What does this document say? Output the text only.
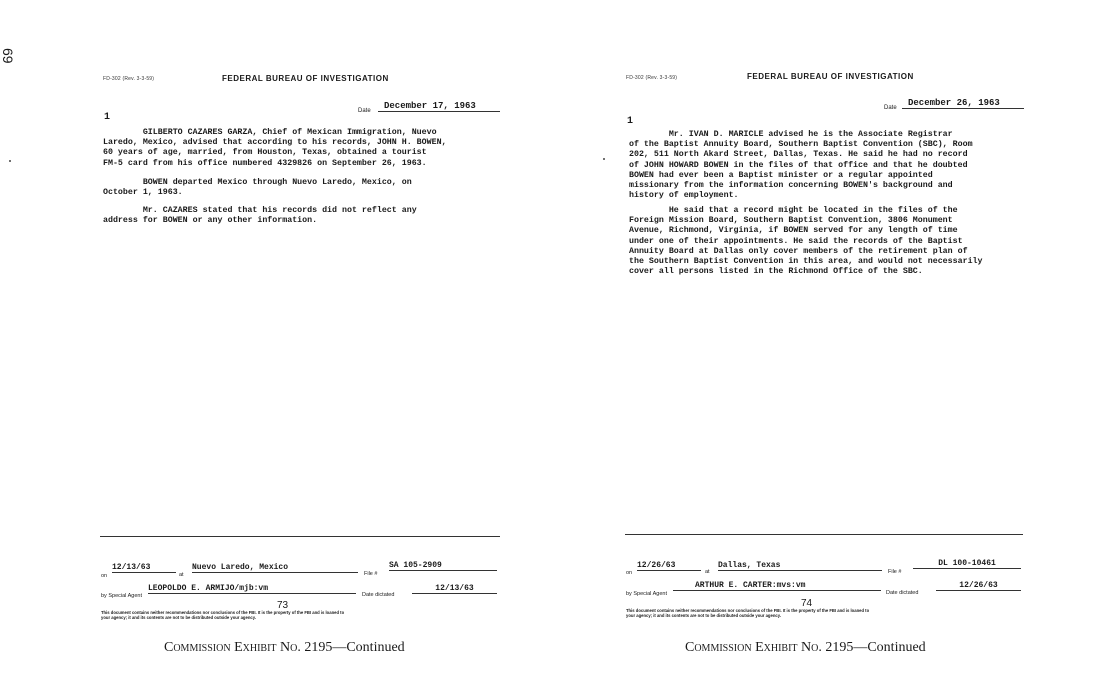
69
FD-302 (Rev. 3-3-59)	FEDERAL BUREAU OF INVESTIGATION
Date	December 17, 1963
1
GILBERTO CAZARES GARZA, Chief of Mexican Immigration, Nuevo
Laredo, Mexico, advised that according to his records, JOHN H. BOWEN,
60 years of age, married, from Houston, Texas, obtained a tourist
FM-5 card from his office numbered 4329826 on September 26, 1963.
BOWEN departed Mexico through Nuevo Laredo, Mexico, on
October 1, 1963.
Mr. CAZARES stated that his records did not reflect any
address for BOWEN or any other information.
on
12/13/63
at
Nuevo Laredo, Mexico
File #
SA 105-2909
by Special Agent
LEOPOLDO E. ARMIJO/mjb:vm
Date dictated
12/13/63
73
This document contains neither recommendations nor conclusions of the FBI. It is the property of the FBI and is loaned to
your agency; it and its contents are not to be distributed outside your agency.
Commission Exhibit No. 2195—Continued
FD-302 (Rev. 3-3-59)	FEDERAL BUREAU OF INVESTIGATION
Date	December 26, 1963
1
Mr. IVAN D. MARICLE advised he is the Associate Registrar
of the Baptist Annuity Board, Southern Baptist Convention (SBC), Room
202, 511 North Akard Street, Dallas, Texas. He said he had no record
of JOHN HOWARD BOWEN in the files of that office and that he doubted
BOWEN had ever been a Baptist minister or a regular appointed
missionary from the information concerning BOWEN's background and
history of employment.
He said that a record might be located in the files of the
Foreign Mission Board, Southern Baptist Convention, 3806 Monument
Avenue, Richmond, Virginia, if BOWEN served for any length of time
under one of their appointments. He said the records of the Baptist
Annuity Board at Dallas only cover members of the retirement plan of
the Southern Baptist Convention in this area, and would not necessarily
cover all persons listed in the Richmond Office of the SBC.
on
12/26/63
at
Dallas, Texas
File #
DL 100-10461
by Special Agent
ARTHUR E. CARTER:mvs:vm
Date dictated
12/26/63
74
This document contains neither recommendations nor conclusions of the FBI. It is the property of the FBI and is loaned to
your agency; it and its contents are not to be distributed outside your agency.
Commission Exhibit No. 2195—Continued
